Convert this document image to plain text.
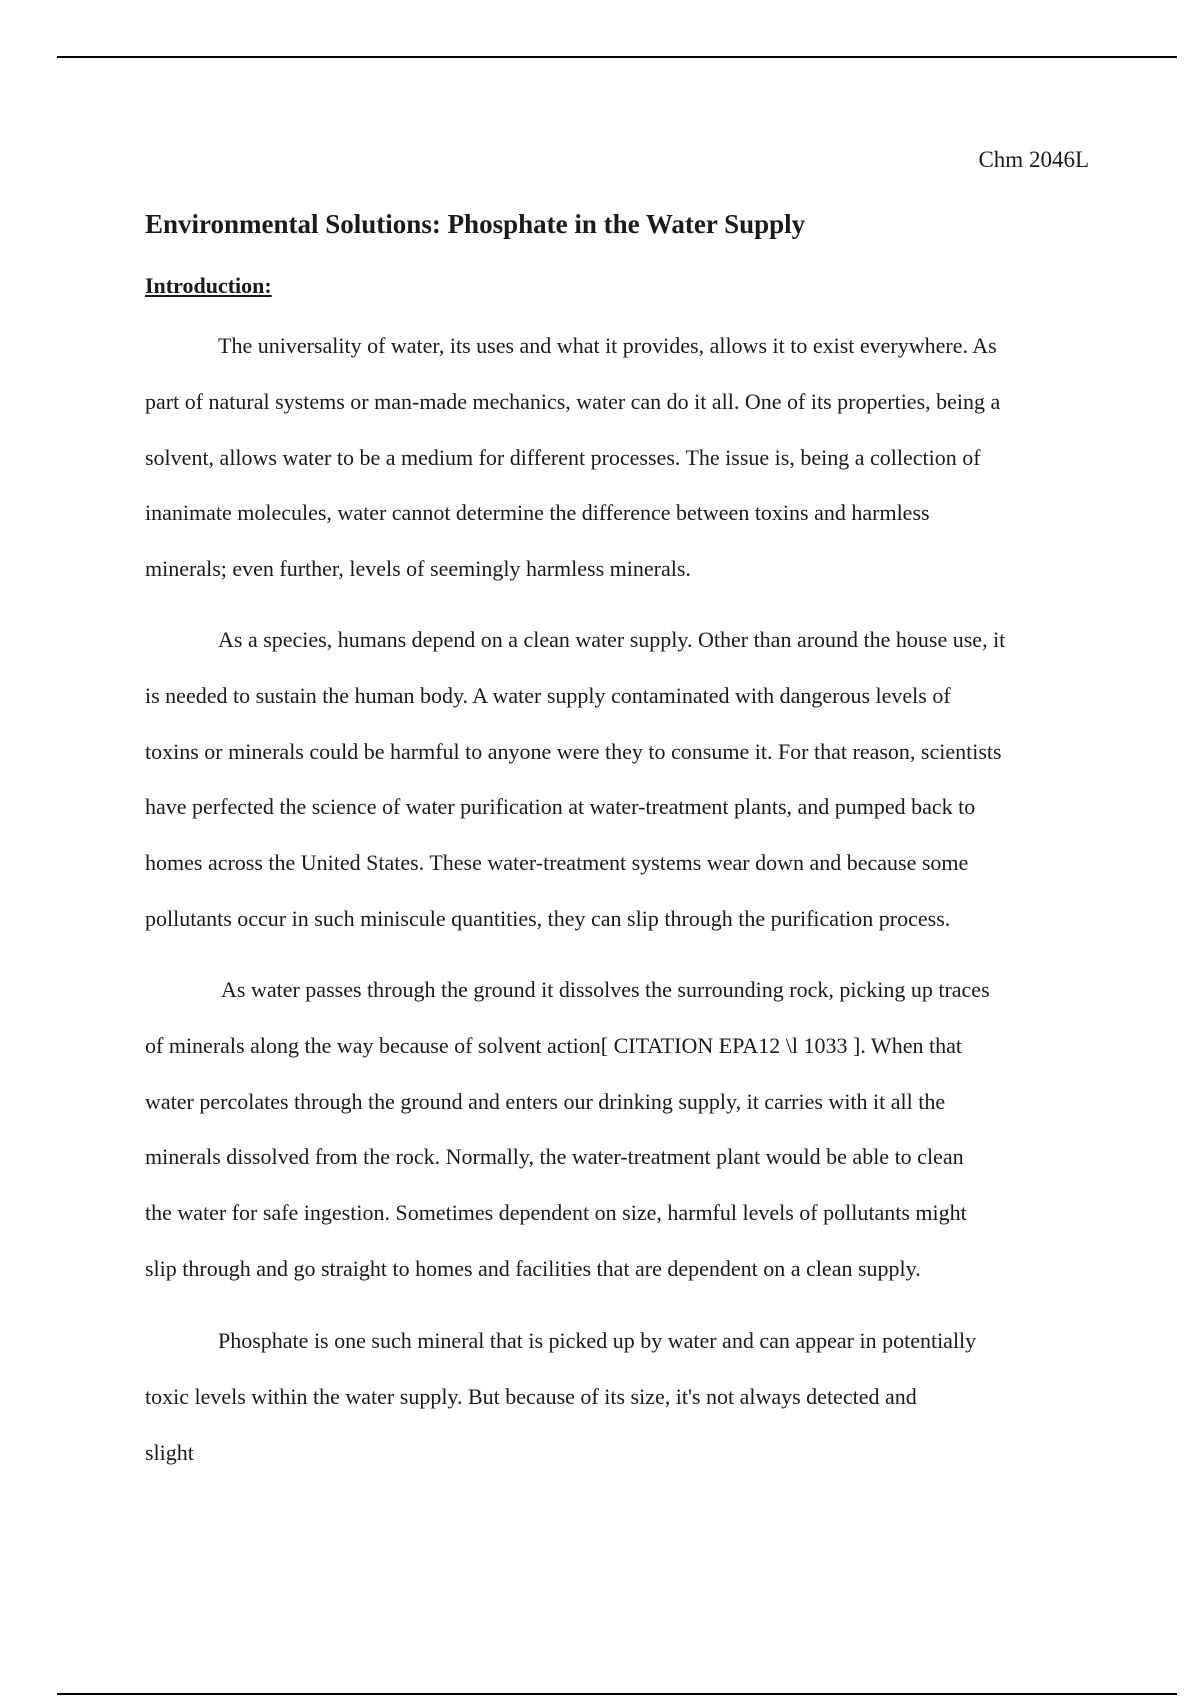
Chm 2046L
Environmental Solutions: Phosphate in the Water Supply
Introduction:

The universality of water, its uses and what it provides, allows it to exist everywhere. As
part of natural systems or man-made mechanics, water can do it all. One of its properties, being a
solvent, allows water to be a medium for different processes. The issue is, being a collection of
inanimate molecules, water cannot determine the difference between toxins and harmless
minerals; even further, levels of seemingly harmless minerals.

As a species, humans depend on a clean water supply. Other than around the house use, it
is needed to sustain the human body. A water supply contaminated with dangerous levels of
toxins or minerals could be harmful to anyone were they to consume it. For that reason, scientists
have perfected the science of water purification at water-treatment plants, and pumped back to
homes across the United States. These water-treatment systems wear down and because some
pollutants occur in such miniscule quantities, they can slip through the purification process.

As water passes through the ground it dissolves the surrounding rock, picking up traces
of minerals along the way because of solvent action[ CITATION EPA12 \l 1033 ]. When that
water percolates through the ground and enters our drinking supply, it carries with it all the
minerals dissolved from the rock. Normally, the water-treatment plant would be able to clean
the water for safe ingestion. Sometimes dependent on size, harmful levels of pollutants might
slip through and go straight to homes and facilities that are dependent on a clean supply.

Phosphate is one such mineral that is picked up by water and can appear in potentially
toxic levels within the water supply. But because of its size, it's not always detected and
slight
